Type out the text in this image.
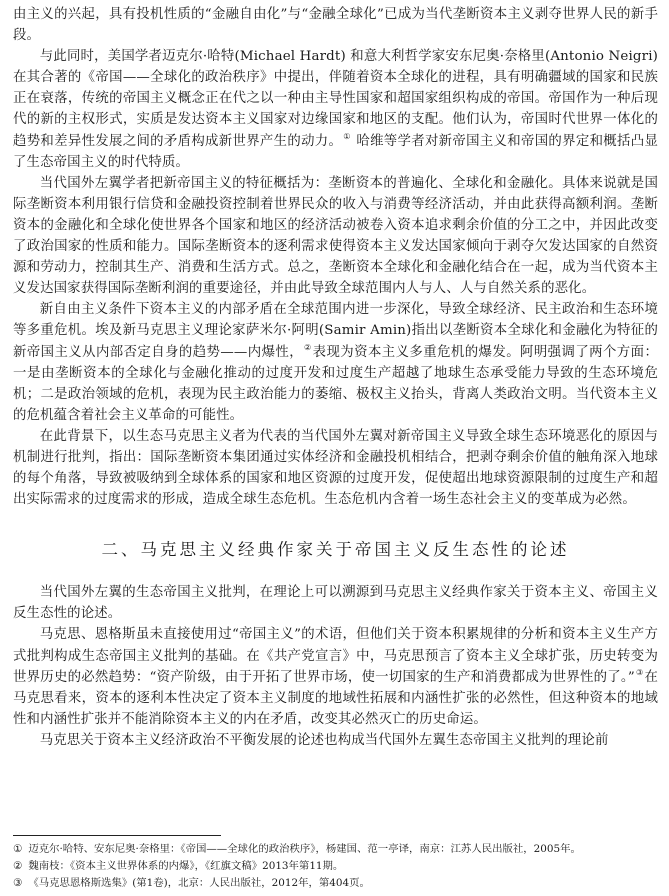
由主义的兴起，具有投机性质的“金融自由化”与“金融全球化”已成为当代垄断资本主义剥夺世界人民的新手段。

与此同时，美国学者迈克尔·哈特(Michael Hardt) 和意大利哲学家安东尼奥·奈格里(Antonio Neigri)在其合著的《帝国——全球化的政治秩序》中提出，伴随着资本全球化的进程，具有明确疆域的国家和民族正在衰落，传统的帝国主义概念正在代之以一种由主导性国家和超国家组织构成的帝国。帝国作为一种后现代的新的主权形式，实质是发达资本主义国家对边缘国家和地区的支配。他们认为，帝国时代世界一体化的趋势和差异性发展之间的矛盾构成新世界产生的动力。① 哈维等学者对新帝国主义和帝国的界定和概括凸显了生态帝国主义的时代特质。

当代国外左翼学者把新帝国主义的特征概括为：垄断资本的普遍化、全球化和金融化。具体来说就是国际垄断资本利用银行信贷和金融投资控制着世界民众的收入与消费等经济活动，并由此获得高额利润。垄断资本的金融化和全球化使世界各个国家和地区的经济活动被卷入资本追求剩余价值的分工之中，并因此改变了政治国家的性质和能力。国际垄断资本的逐利需求使得资本主义发达国家倾向于剥夺欠发达国家的自然资源和劳动力，控制其生产、消费和生活方式。总之，垄断资本全球化和金融化结合在一起，成为当代资本主义发达国家获得国际垄断利润的重要途径，并由此导致全球范围内人与人、人与自然关系的恶化。

新自由主义条件下资本主义的内部矛盾在全球范围内进一步深化，导致全球经济、民主政治和生态环境等多重危机。埃及新马克思主义理论家萨米尔·阿明(Samir Amin)指出以垄断资本全球化和金融化为特征的新帝国主义从内部否定自身的趋势——内爆性，②表现为资本主义多重危机的爆发。阿明强调了两个方面：一是由垄断资本的全球化与金融化推动的过度开发和过度生产超越了地球生态承受能力导致的生态环境危机；二是政治领域的危机，表现为民主政治能力的萎缩、极权主义抬头，背离人类政治文明。当代资本主义的危机蕴含着社会主义革命的可能性。

在此背景下，以生态马克思主义者为代表的当代国外左翼对新帝国主义导致全球生态环境恶化的原因与机制进行批判，指出：国际垄断资本集团通过实体经济和金融投机相结合，把剥夺剩余价值的触角深入地球的每个角落，导致被吸纳到全球体系的国家和地区资源的过度开发，促使超出地球资源限制的过度生产和超出实际需求的过度需求的形成，造成全球生态危机。生态危机内含着一场生态社会主义的变革成为必然。

二、马克思主义经典作家关于帝国主义反生态性的论述

当代国外左翼的生态帝国主义批判，在理论上可以溯源到马克思主义经典作家关于资本主义、帝国主义反生态性的论述。

马克思、恩格斯虽未直接使用过“帝国主义”的术语，但他们关于资本积累规律的分析和资本主义生产方式批判构成生态帝国主义批判的基础。在《共产党宣言》中，马克思预言了资本主义全球扩张，历史转变为世界历史的必然趋势：“资产阶级，由于开拓了世界市场，使一切国家的生产和消费都成为世界性的了。”③在马克思看来，资本的逐利本性决定了资本主义制度的地域性拓展和内涵性扩张的必然性，但这种资本的地域性和内涵性扩张并不能消除资本主义的内在矛盾，改变其必然灭亡的历史命运。

马克思关于资本主义经济政治不平衡发展的论述也构成当代国外左翼生态帝国主义批判的理论前

① 迈克尔·哈特、安东尼奥·奈格里：《帝国——全球化的政治秩序》，杨建国、范一亭译，南京：江苏人民出版社，2005年。

② 魏南枝：《资本主义世界体系的内爆》，《红旗文稿》2013年第11期。

③ 《马克思恩格斯选集》(第1卷)，北京：人民出版社，2012年，第404页。
